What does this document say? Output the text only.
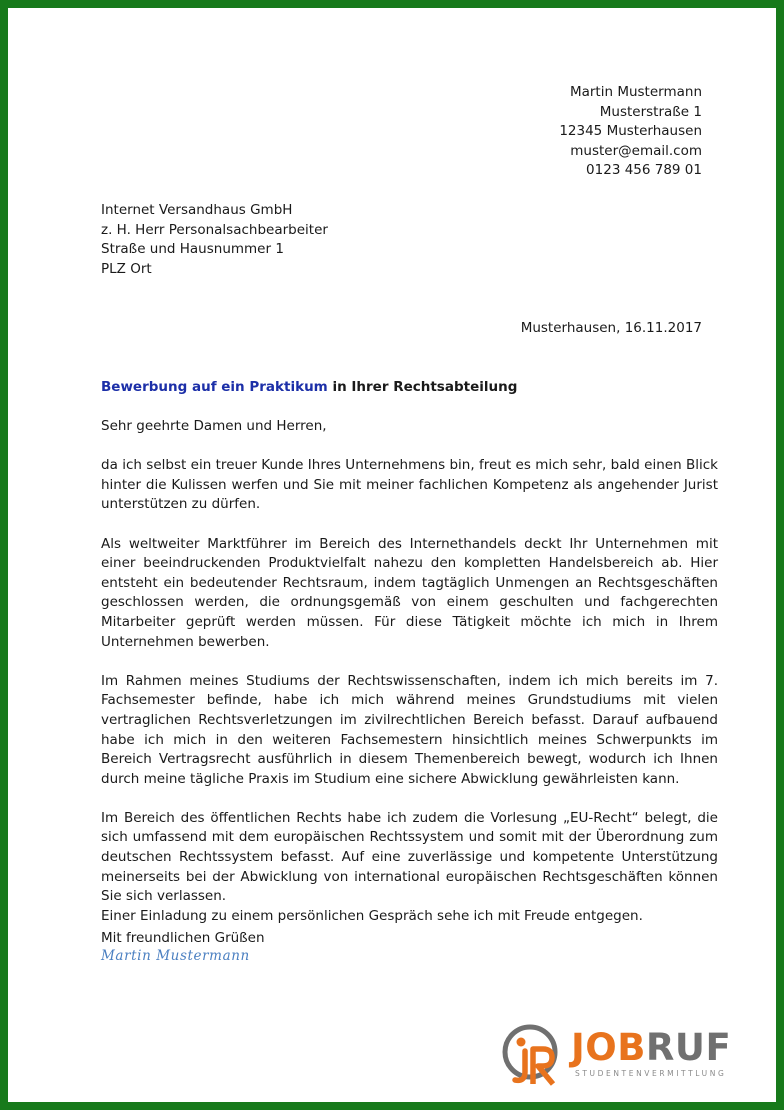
Martin Mustermann
Musterstraße 1
12345 Musterhausen
muster@email.com
0123 456 789 01
Internet Versandhaus GmbH
z. H. Herr Personalsachbearbeiter
Straße und Hausnummer 1
PLZ Ort
Musterhausen, 16.11.2017
Bewerbung auf ein Praktikum in Ihrer Rechtsabteilung

Sehr geehrte Damen und Herren,

da ich selbst ein treuer Kunde Ihres Unternehmens bin, freut es mich sehr, bald einen Blick hinter die Kulissen werfen und Sie mit meiner fachlichen Kompetenz als angehender Jurist unterstützen zu dürfen.

Als weltweiter Marktführer im Bereich des Internethandels deckt Ihr Unternehmen mit einer beeindruckenden Produktvielfalt nahezu den kompletten Handelsbereich ab. Hier entsteht ein bedeutender Rechtsraum, indem tagtäglich Unmengen an Rechtsgeschäften geschlossen werden, die ordnungsgemäß von einem geschulten und fachgerechten Mitarbeiter geprüft werden müssen. Für diese Tätigkeit möchte ich mich in Ihrem Unternehmen bewerben.

Im Rahmen meines Studiums der Rechtswissenschaften, indem ich mich bereits im 7. Fachsemester befinde, habe ich mich während meines Grundstudiums mit vielen vertraglichen Rechtsverletzungen im zivilrechtlichen Bereich befasst. Darauf aufbauend habe ich mich in den weiteren Fachsemestern hinsichtlich meines Schwerpunkts im Bereich Vertragsrecht ausführlich in diesem Themenbereich bewegt, wodurch ich Ihnen durch meine tägliche Praxis im Studium eine sichere Abwicklung gewährleisten kann.

Im Bereich des öffentlichen Rechts habe ich zudem die Vorlesung „EU-Recht“ belegt, die sich umfassend mit dem europäischen Rechtssystem und somit mit der Überordnung zum deutschen Rechtssystem befasst. Auf eine zuverlässige und kompetente Unterstützung meinerseits bei der Abwicklung von international europäischen Rechtsgeschäften können Sie sich verlassen.

Einer Einladung zu einem persönlichen Gespräch sehe ich mit Freude entgegen.

Mit freundlichen Grüßen
Martin Mustermann
JOBRUF
STUDENTENVERMITTLUNG
